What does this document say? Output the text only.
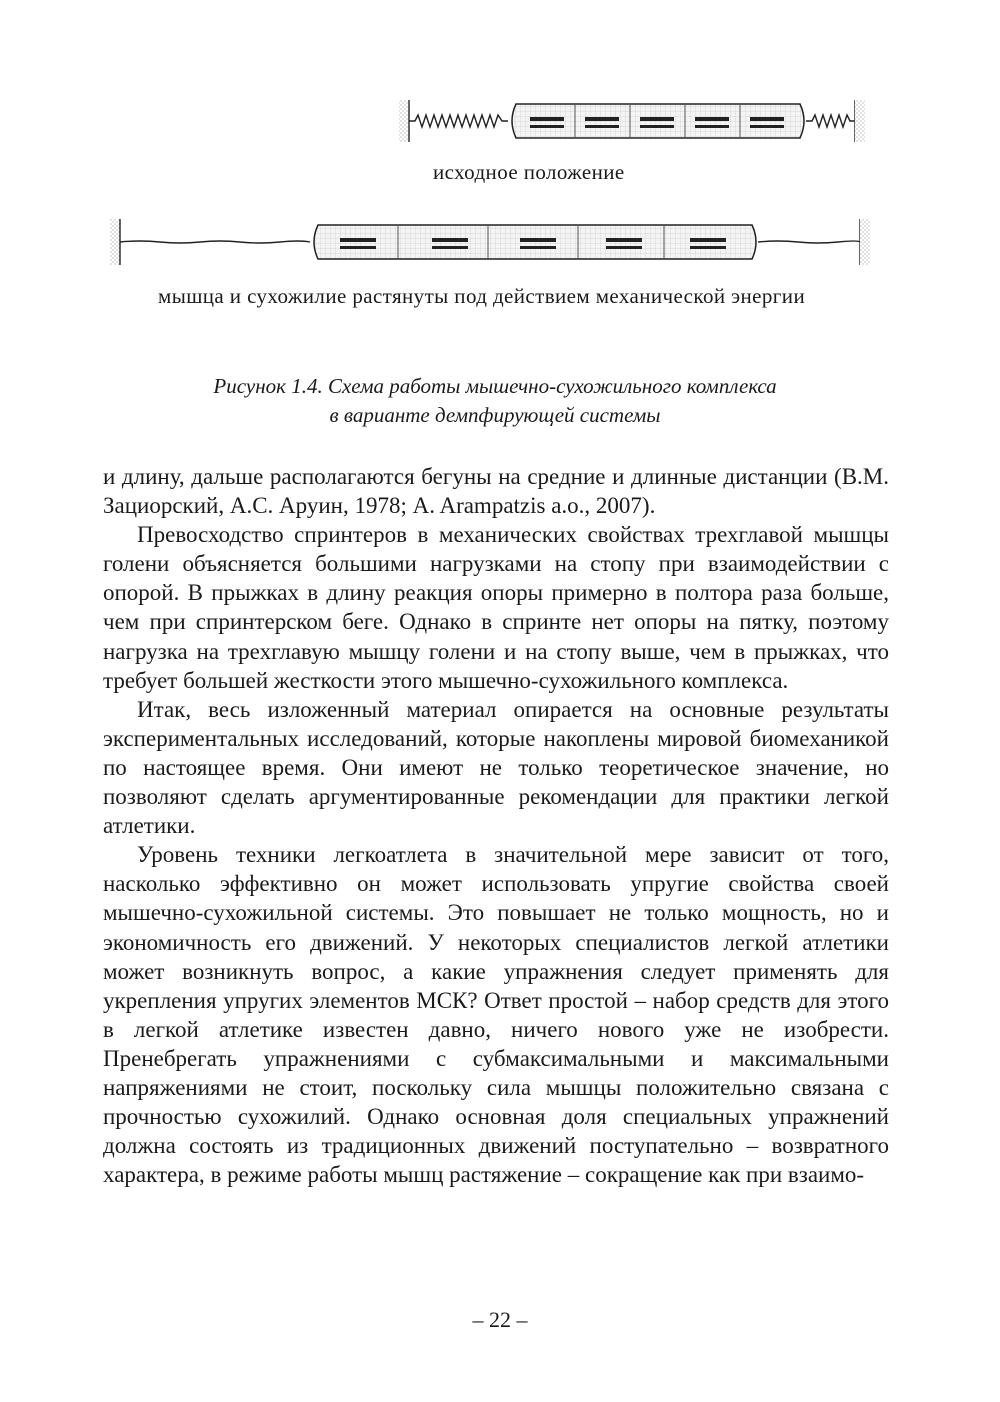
исходное положение
мышца и сухожилие растянуты под действием механической энергии
Рисунок 1.4. Схема работы мышечно-сухожильного комплекса
в варианте демпфирующей системы

и длину, дальше располагаются бегуны на средние и длинные дистанции (В.М. Зациорский, А.С. Аруин, 1978; A. Arampatzis a.o., 2007).

Превосходство спринтеров в механических свойствах трехглавой мышцы голени объясняется большими нагрузками на стопу при взаимодействии с опорой. В прыжках в длину реакция опоры примерно в полтора раза больше, чем при спринтерском беге. Однако в спринте нет опоры на пятку, поэтому нагрузка на трехглавую мышцу голени и на стопу выше, чем в прыжках, что требует большей жесткости этого мышечно-сухожильного комплекса.

Итак, весь изложенный материал опирается на основные результаты экспериментальных исследований, которые накоплены мировой биомеханикой по настоящее время. Они имеют не только теоретическое значение, но позволяют сделать аргументированные рекомендации для практики легкой атлетики.

Уровень техники легкоатлета в значительной мере зависит от того, насколько эффективно он может использовать упругие свойства своей мышечно-сухожильной системы. Это повышает не только мощность, но и экономичность его движений. У некоторых специалистов легкой атлетики может возникнуть вопрос, а какие упражнения следует применять для укрепления упругих элементов МСК? Ответ простой – набор средств для этого в легкой атлетике известен давно, ничего нового уже не изобрести. Пренебрегать упражнениями с субмаксимальными и максимальными напряжениями не стоит, поскольку сила мышцы положительно связана с прочностью сухожилий. Однако основная доля специальных упражнений должна состоять из традиционных движений поступательно – возвратного характера, в режиме работы мышц растяжение – сокращение как при взаимо-

– 22 –
